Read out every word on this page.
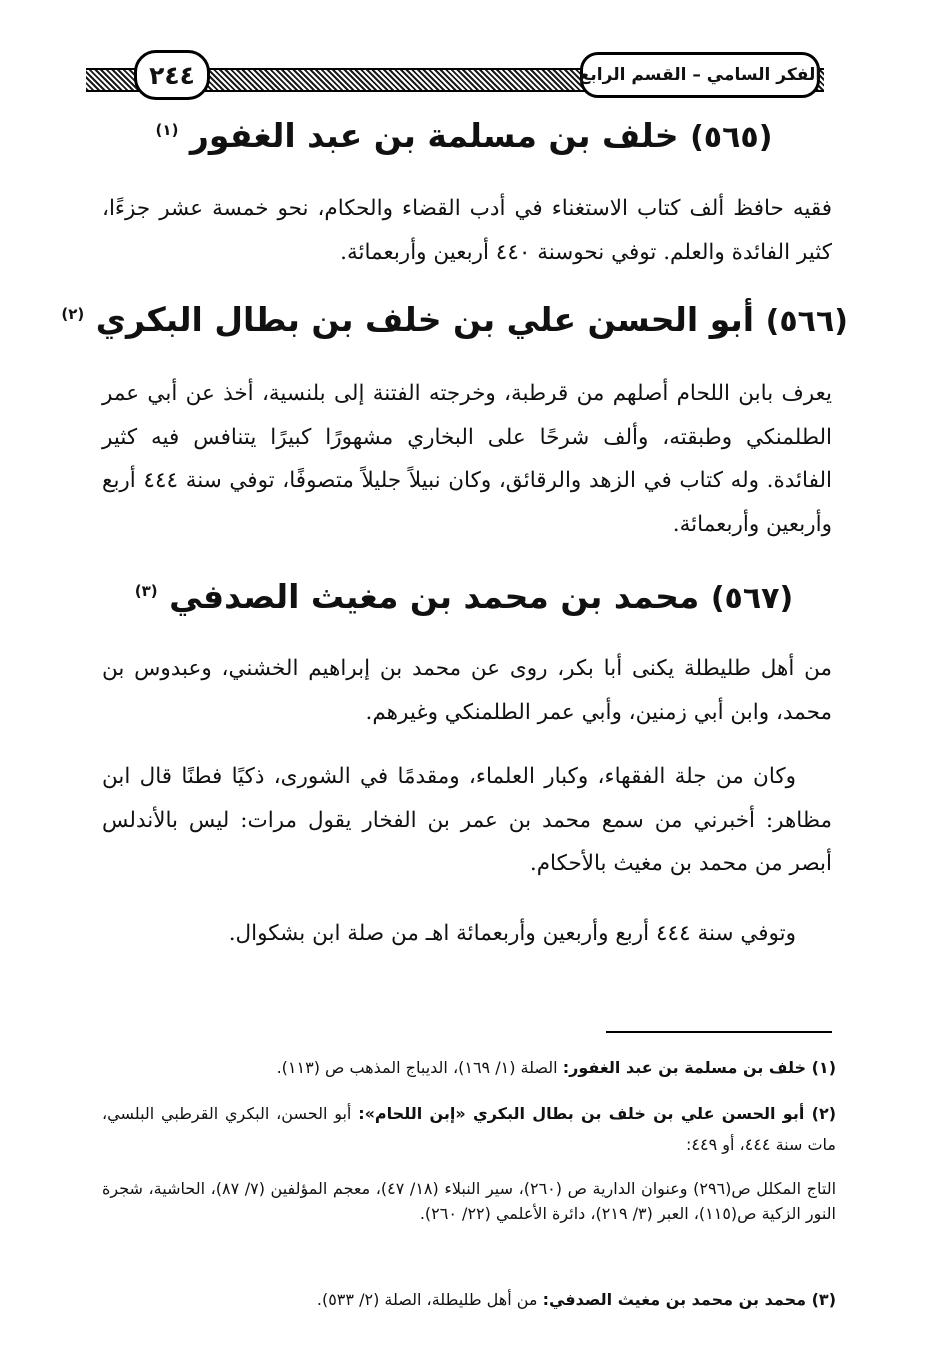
الفكر السامي – القسم الرابع
٢٤٤
(٥٦٥) خلف بن مسلمة بن عبد الغفور $^{(١)}$
فقيه حافظ ألف كتاب الاستغناء في أدب القضاء والحكام، نحو خمسة عشر جزءًا، كثير الفائدة والعلم. توفي نحوسنة ٤٤٠ أربعين وأربعمائة.
(٥٦٦) أبو الحسن علي بن خلف بن بطال البكري $^{(٢)}$
يعرف بابن اللحام أصلهم من قرطبة، وخرجته الفتنة إلى بلنسية، أخذ عن أبي عمر الطلمنكي وطبقته، وألف شرحًا على البخاري مشهورًا كبيرًا يتنافس فيه كثير الفائدة. وله كتاب في الزهد والرقائق، وكان نبيلاً جليلاً متصوفًا، توفي سنة ٤٤٤ أربع وأربعين وأربعمائة.
(٥٦٧) محمد بن محمد بن مغيث الصدفي $^{(٣)}$
من أهل طليطلة يكنى أبا بكر، روى عن محمد بن إبراهيم الخشني، وعبدوس بن محمد، وابن أبي زمنين، وأبي عمر الطلمنكي وغيرهم.
وكان من جلة الفقهاء، وكبار العلماء، ومقدمًا في الشورى، ذكيًا فطنًا قال ابن مظاهر: أخبرني من سمع محمد بن عمر بن الفخار يقول مرات: ليس بالأندلس أبصر من محمد بن مغيث بالأحكام.
وتوفي سنة ٤٤٤ أربع وأربعين وأربعمائة اهـ من صلة ابن بشكوال.
(١) خلف بن مسلمة بن عبد الغفور: الصلة (١/ ١٦٩)، الديباج المذهب ص (١١٣).
(٢) أبو الحسن علي بن خلف بن بطال البكري «إبن اللحام»: أبو الحسن، البكري القرطبي البلسي، مات سنة ٤٤٤، أو ٤٤٩:
التاج المكلل ص(٢٩٦) وعنوان الدارية ص (٢٦٠)، سير النبلاء (١٨/ ٤٧)، معجم المؤلفين (٧/ ٨٧)، الحاشية، شجرة النور الزكية ص(١١٥)، العبر (٣/ ٢١٩)، دائرة الأعلمي (٢٢/ ٢٦٠).
(٣) محمد بن محمد بن مغيث الصدفي: من أهل طليطلة، الصلة (٢/ ٥٣٣).
